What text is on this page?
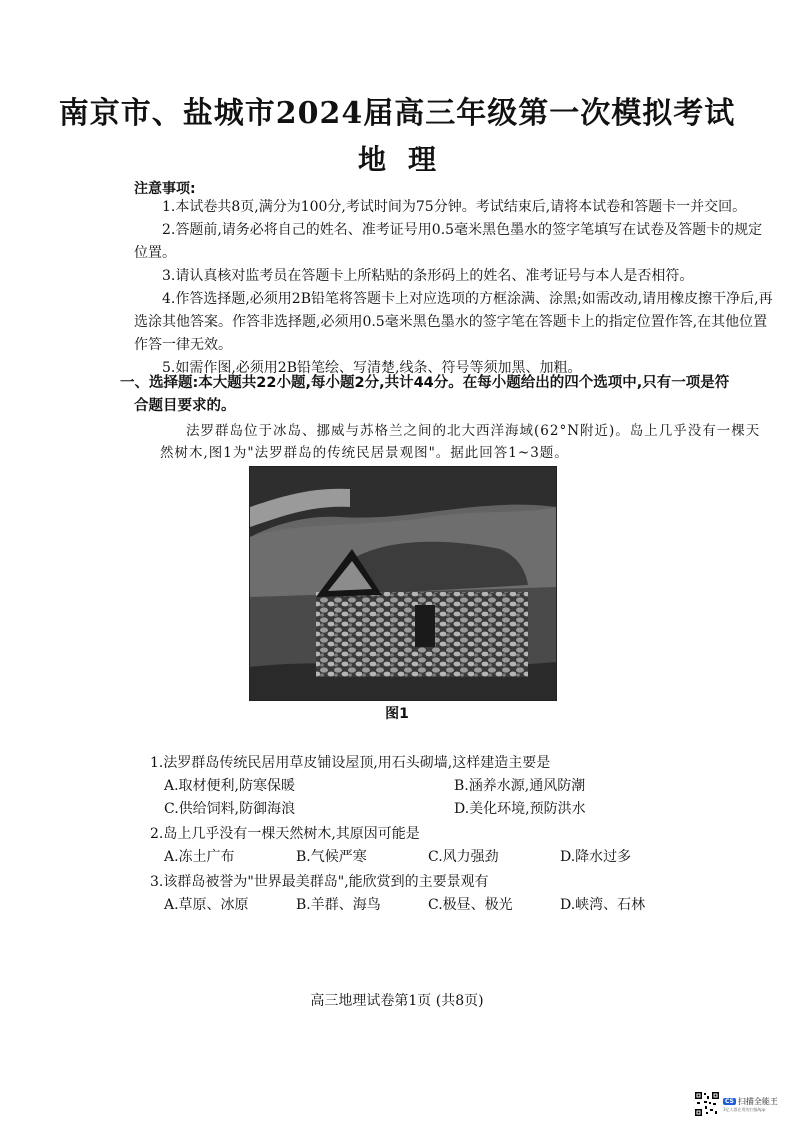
南京市、盐城市2024届高三年级第一次模拟考试
地理
注意事项:

1.本试卷共8页,满分为100分,考试时间为75分钟。考试结束后,请将本试卷和答题卡一并交回。

2.答题前,请务必将自己的姓名、准考证号用0.5毫米黑色墨水的签字笔填写在试卷及答题卡的规定位置。

3.请认真核对监考员在答题卡上所粘贴的条形码上的姓名、准考证号与本人是否相符。

4.作答选择题,必须用2B铅笔将答题卡上对应选项的方框涂满、涂黑;如需改动,请用橡皮擦干净后,再选涂其他答案。作答非选择题,必须用0.5毫米黑色墨水的签字笔在答题卡上的指定位置作答,在其他位置作答一律无效。

5.如需作图,必须用2B铅笔绘、写清楚,线条、符号等须加黑、加粗。

一、选择题:本大题共22小题,每小题2分,共计44分。在每小题给出的四个选项中,只有一项是符
合题目要求的。
法罗群岛位于冰岛、挪威与苏格兰之间的北大西洋海域(62°N附近)。岛上几乎没有一棵天然树木,图1为"法罗群岛的传统民居景观图"。据此回答1~3题。
图1
1.法罗群岛传统民居用草皮铺设屋顶,用石头砌墙,这样建造主要是
A.取材便利,防寒保暖	B.涵养水源,通风防潮
C.供给饲料,防御海浪	D.美化环境,预防洪水
2.岛上几乎没有一棵天然树木,其原因可能是
A.冻土广布	B.气候严寒	C.风力强劲	D.降水过多
3.该群岛被誉为"世界最美群岛",能欣赏到的主要景观有
A.草原、冰原	B.羊群、海鸟	C.极昼、极光	D.峡湾、石林
高三地理试卷第1页 (共8页)
CS 扫描全能王
3亿人都在用的扫描App
